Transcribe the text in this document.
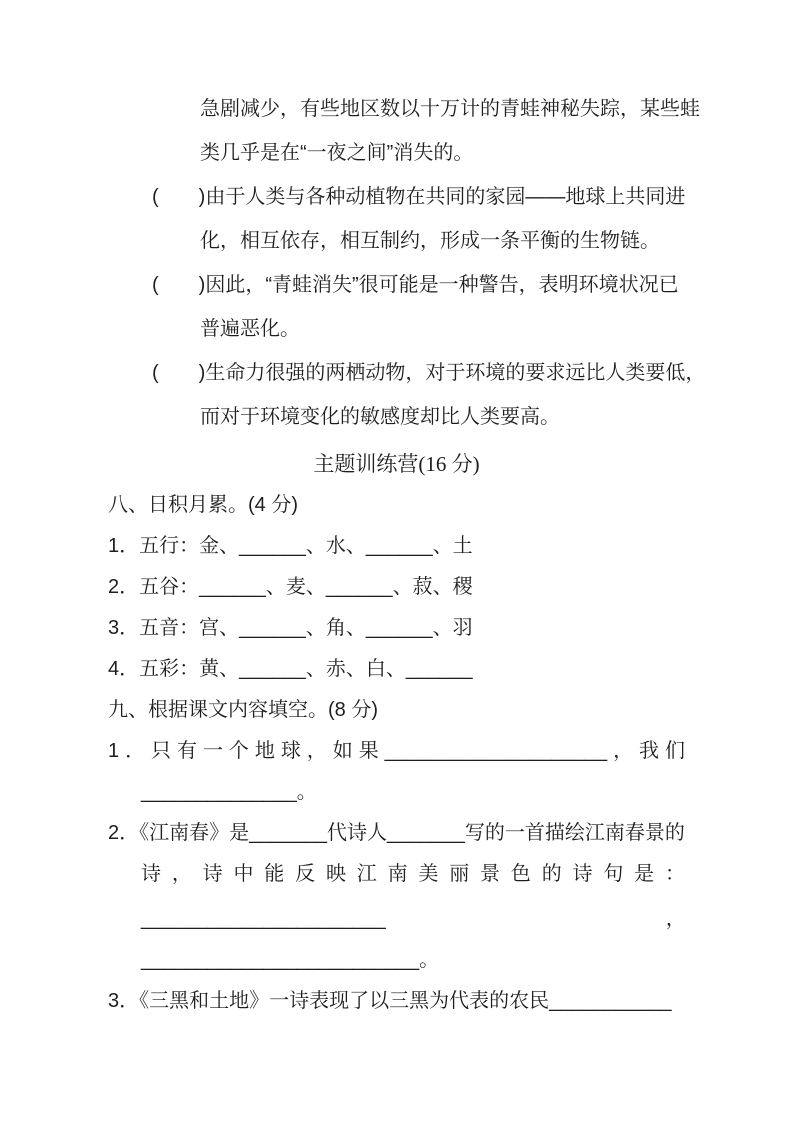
急剧减少，有些地区数以十万计的青蛙神秘失踪，某些蛙
类几乎是在“一夜之间”消失的。
(　　)由于人类与各种动植物在共同的家园——地球上共同进
化，相互依存，相互制约，形成一条平衡的生物链。
(　　)因此，“青蛙消失”很可能是一种警告，表明环境状况已
普遍恶化。
(　　)生命力很强的两栖动物，对于环境的要求远比人类要低，
而对于环境变化的敏感度却比人类要高。
主题训练营(16 分)
八、日积月累。(4 分)
1．五行：金、______、水、______、土
2．五谷：______、麦、______、菽、稷
3．五音：宫、______、角、______、羽
4．五彩：黄、______、赤、白、______
九、根据课文内容填空。(8 分)
1．只有一个地球，如果____________________，我们
______________。
2．《江南春》是_______代诗人_______写的一首描绘江南春景的
诗，诗中能反映江南美丽景色的诗句是：
______________________　　　　　　　　　　　　　　，
_________________________。
3．《三黑和土地》一诗表现了以三黑为代表的农民___________
